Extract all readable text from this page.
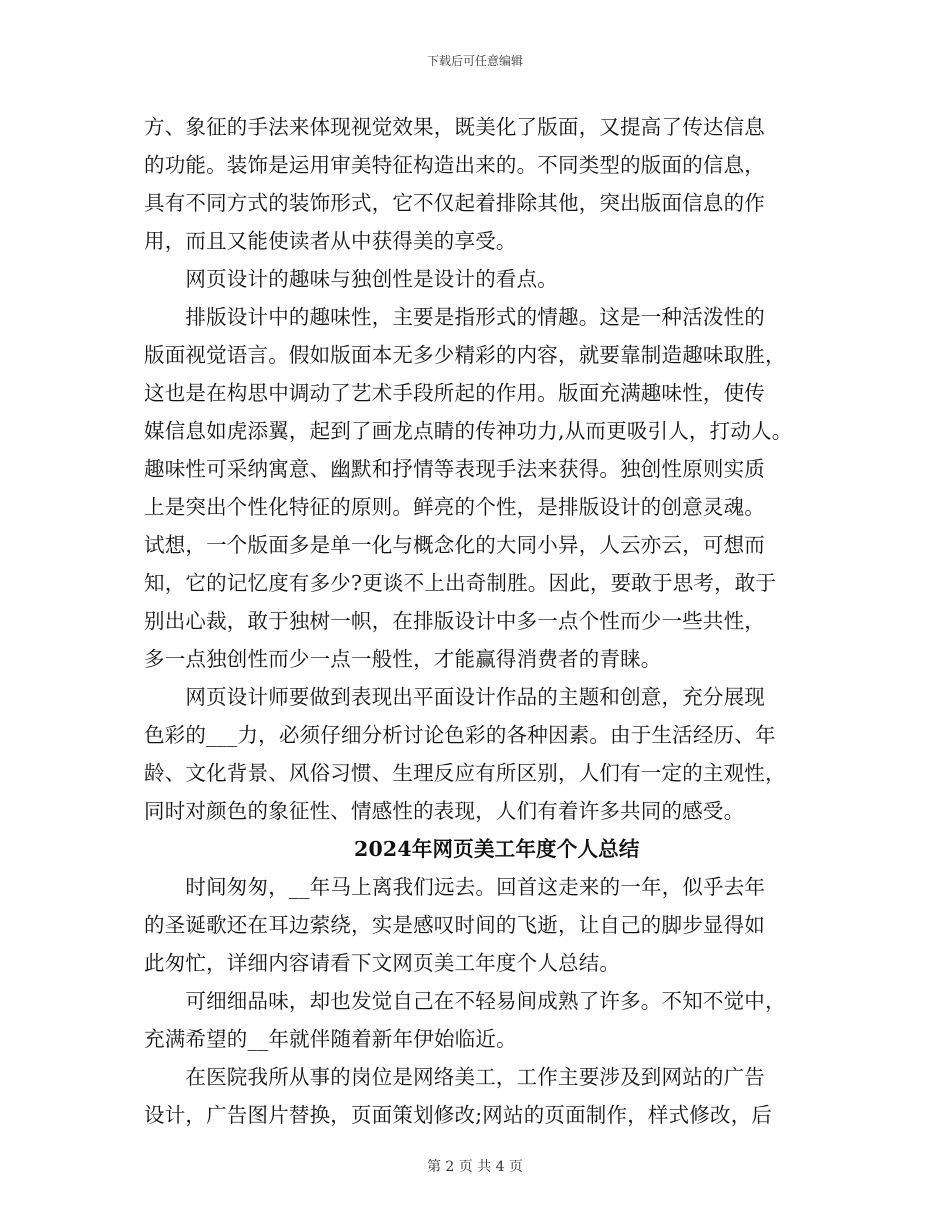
下载后可任意编辑
方、象征的手法来体现视觉效果，既美化了版面，又提高了传达信息
的功能。装饰是运用审美特征构造出来的。不同类型的版面的信息，
具有不同方式的装饰形式，它不仅起着排除其他，突出版面信息的作
用，而且又能使读者从中获得美的享受。
　　网页设计的趣味与独创性是设计的看点。
　　排版设计中的趣味性，主要是指形式的情趣。这是一种活泼性的
版面视觉语言。假如版面本无多少精彩的内容，就要靠制造趣味取胜，
这也是在构思中调动了艺术手段所起的作用。版面充满趣味性，使传
媒信息如虎添翼，起到了画龙点睛的传神功力,从而更吸引人，打动人。
趣味性可采纳寓意、幽默和抒情等表现手法来获得。独创性原则实质
上是突出个性化特征的原则。鲜亮的个性，是排版设计的创意灵魂。
试想，一个版面多是单一化与概念化的大同小异，人云亦云，可想而
知，它的记忆度有多少?更谈不上出奇制胜。因此，要敢于思考，敢于
别出心裁，敢于独树一帜，在排版设计中多一点个性而少一些共性，
多一点独创性而少一点一般性，才能赢得消费者的青睐。
　　网页设计师要做到表现出平面设计作品的主题和创意，充分展现
色彩的___力，必须仔细分析讨论色彩的各种因素。由于生活经历、年
龄、文化背景、风俗习惯、生理反应有所区别，人们有一定的主观性，
同时对颜色的象征性、情感性的表现，人们有着许多共同的感受。
2024年网页美工年度个人总结
　　时间匆匆，__年马上离我们远去。回首这走来的一年，似乎去年
的圣诞歌还在耳边萦绕，实是感叹时间的飞逝，让自己的脚步显得如
此匆忙，详细内容请看下文网页美工年度个人总结。
　　可细细品味，却也发觉自己在不轻易间成熟了许多。不知不觉中，
充满希望的__年就伴随着新年伊始临近。
　　在医院我所从事的岗位是网络美工，工作主要涉及到网站的广告
设计，广告图片替换，页面策划修改;网站的页面制作，样式修改，后
第 2 页 共 4 页
